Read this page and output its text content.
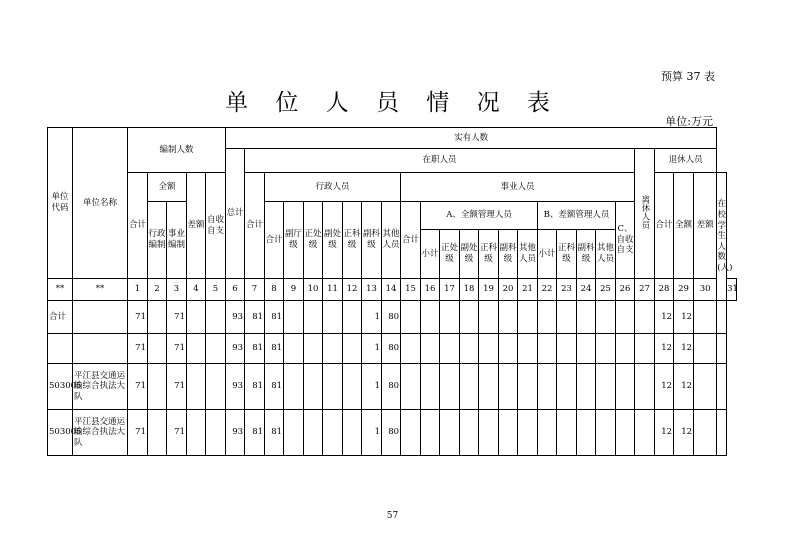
预算 37 表
单 位 人 员 情 况 表
单位:万元
单位代码	单位名称	编制人数					实有人数																										
							总计	在职人员																				离休人员	退休人员				
		合计	全额		差额	自收自支		合计	行政人员							事业人员													合计	全额	差额	在校学生人数(人)	
			行政编制	事业编制					合计	副厅级	正处级	副处级	正科级	副科级	其他人员	合计	A、全额管理人员						B、差额管理人员				C、自收自支						
																	小计	正处级	副处级	正科级	副科级	其他人员	小计	正科级	副科级	其他人员							

**	**	1	2	3	4	5	6	7	8	9	10	11	12	13	14	15	16	17	18	19	20	21	22	23	24	25	26	27	28	29	30		31
合计		71		71			93	81	81					1	80														12	12			
		71		71			93	81	81					1	80														12	12			
503005	平江县交通运输综合执法大队	71		71			93	81	81					1	80														12	12			
503005	平江县交通运输综合执法大队	71		71			93	81	81					1	80														12	12			
57
